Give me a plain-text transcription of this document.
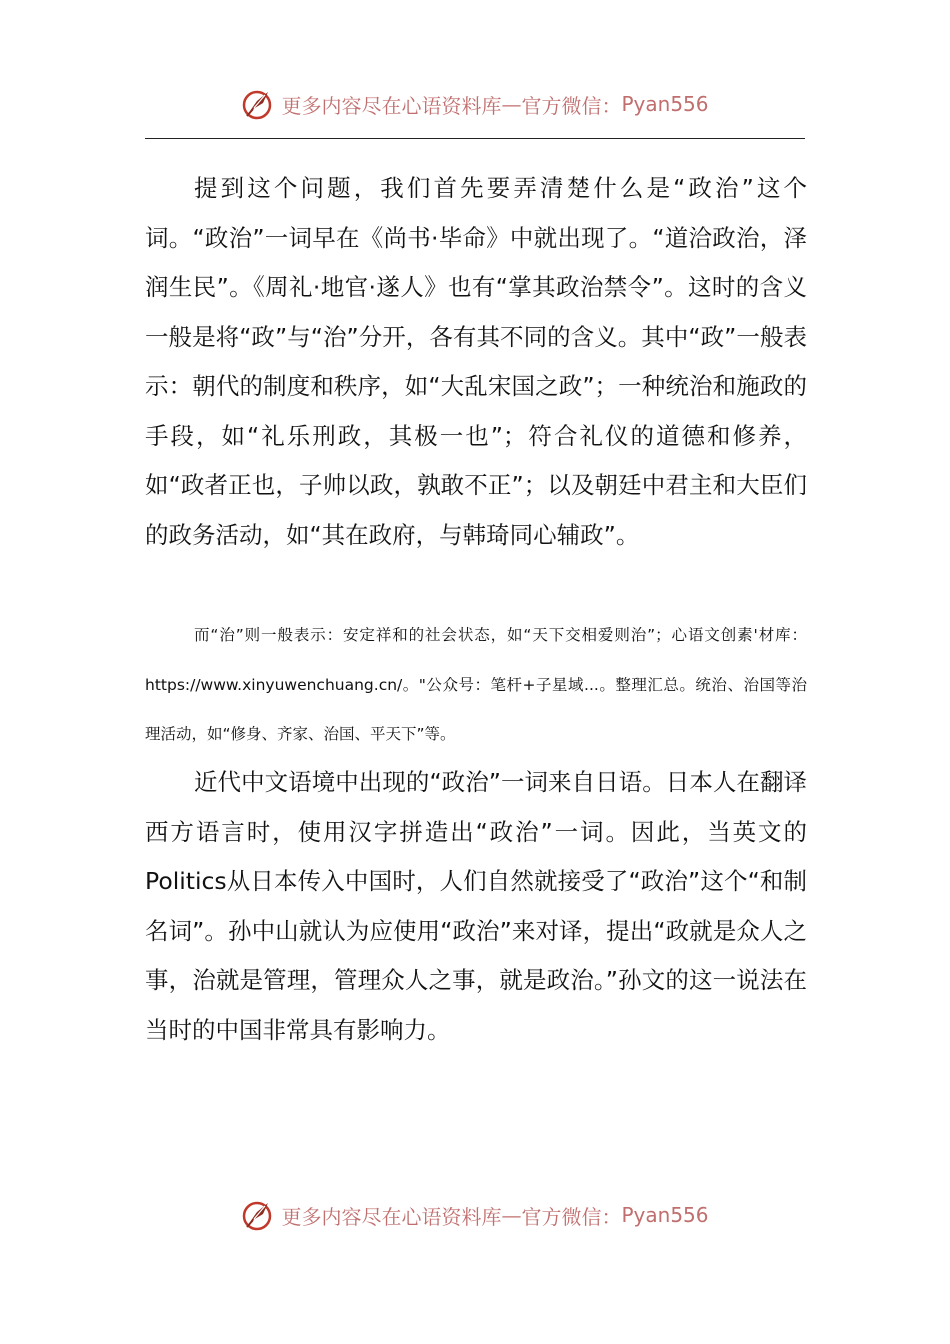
更多内容尽在心语资料库 — 官方微信： Pyan556

提到这个问题，我们首先要弄清楚什么是“政治”这个词。“政治”一词早在《尚书·毕命》中就出现了。“道洽政治，泽润生民”。《周礼·地官·遂人》也有“掌其政治禁令”。这时的含义一般是将“政”与“治”分开，各有其不同的含义。其中“政”一般表示：朝代的制度和秩序，如“大乱宋国之政”；一种统治和施政的手段，如“礼乐刑政，其极一也”；符合礼仪的道德和修养，如“政者正也，子帅以政，孰敢不正”；以及朝廷中君主和大臣们的政务活动，如“其在政府，与韩琦同心辅政”。

而“治”则一般表示：安定祥和的社会状态，如“天下交相爱则治”；心语文创素'材库：https://www.xinyuwenchuang.cn/。"公众号：笔杆+子星域...。整理汇总。统治、治国等治理活动，如“修身、齐家、治国、平天下”等。

近代中文语境中出现的“政治”一词来自日语。日本人在翻译西方语言时，使用汉字拼造出“政治”一词。因此，当英文的Politics从日本传入中国时，人们自然就接受了“政治”这个“和制名词”。孙中山就认为应使用“政治”来对译，提出“政就是众人之事，治就是管理，管理众人之事，就是政治。”孙文的这一说法在当时的中国非常具有影响力。

更多内容尽在心语资料库 — 官方微信： Pyan556
